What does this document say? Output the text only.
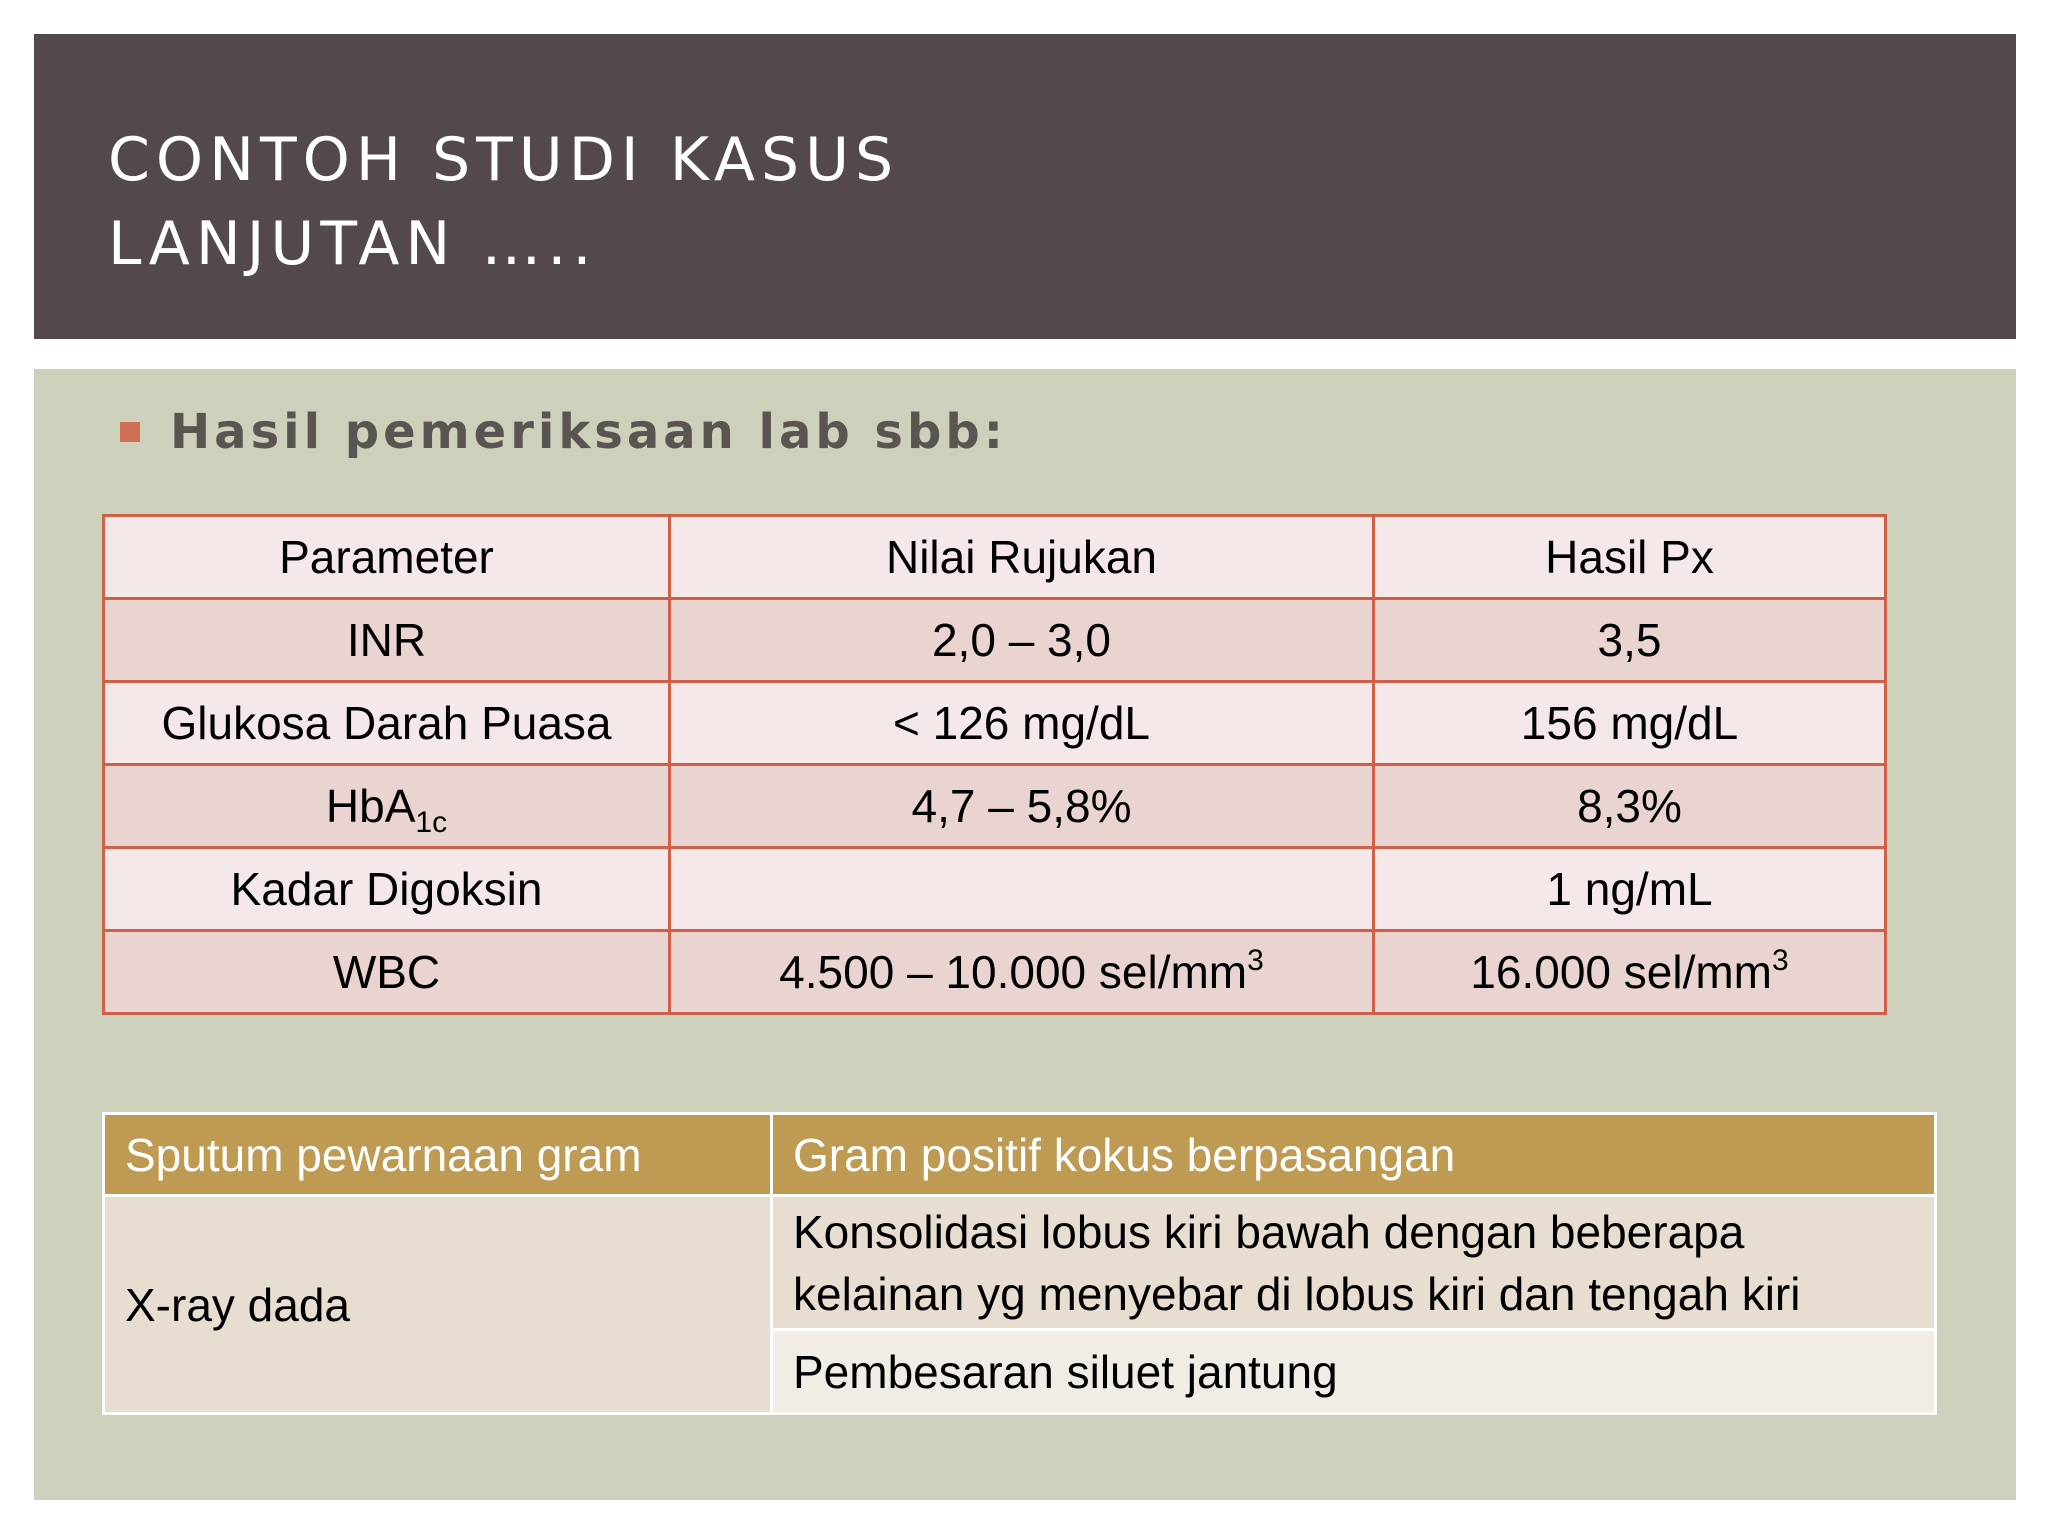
CONTOH STUDI KASUS
LANJUTAN …..
Hasil pemeriksaan lab sbb:
Parameter	Nilai Rujukan	Hasil Px
INR	2,0 – 3,0	3,5
Glukosa Darah Puasa	< 126 mg/dL	156 mg/dL
HbA$_{1c}$	4,7 – 5,8%	8,3%
Kadar Digoksin		1 ng/mL
WBC	4.500 – 10.000 sel/$mm^3$	16.000 sel/$mm^3$
Sputum pewarnaan gram	Gram positif kokus berpasangan
X-ray dada	Konsolidasi lobus kiri bawah dengan beberapa kelainan yg menyebar di lobus kiri dan tengah kiri
	Pembesaran siluet jantung
